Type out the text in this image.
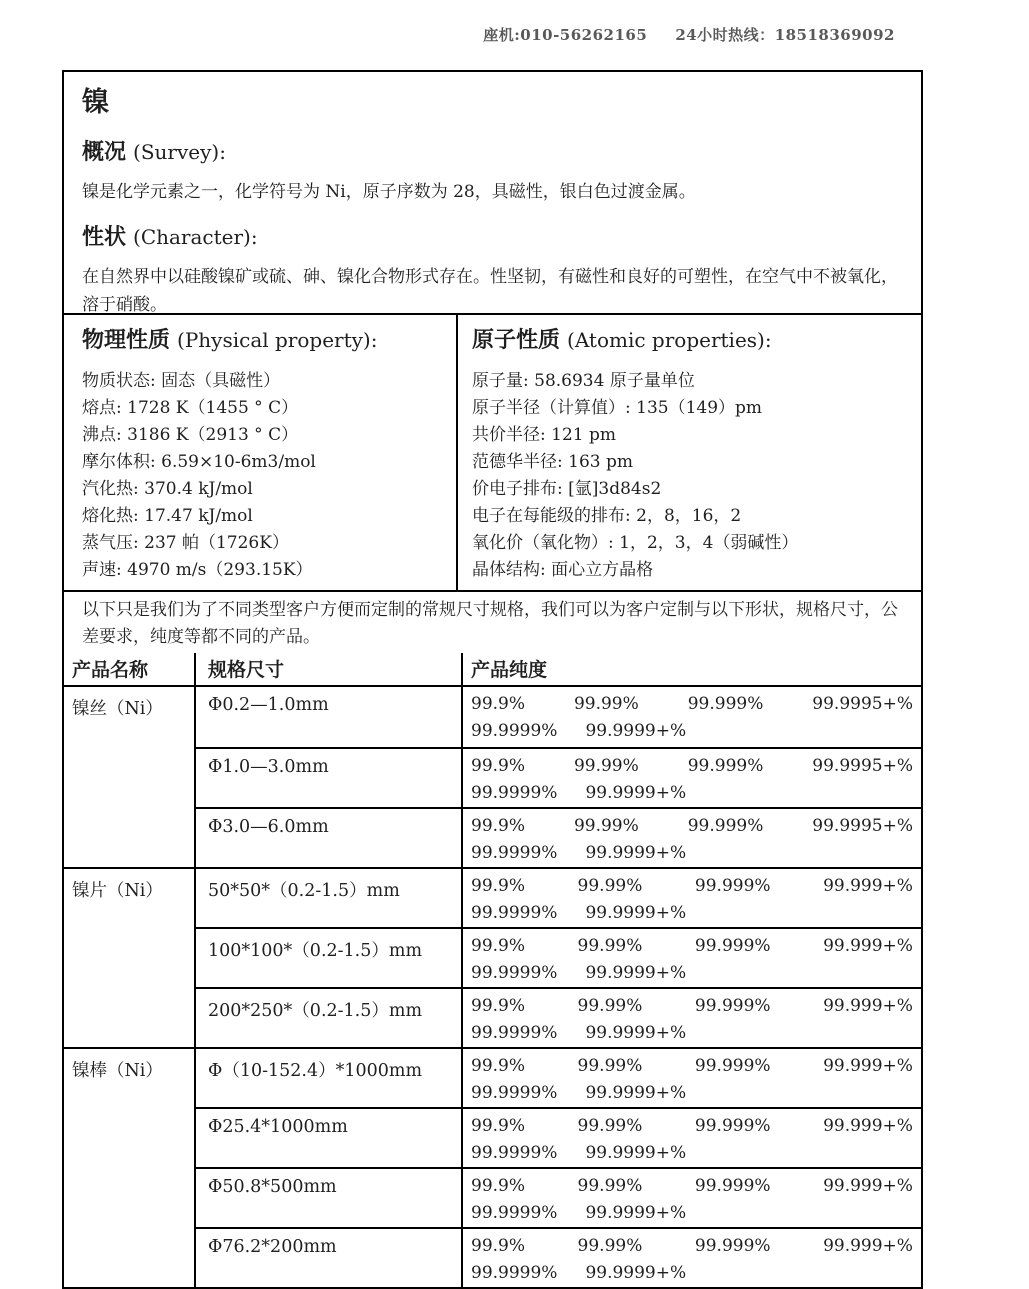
座机:010-56262165 24小时热线：18518369092
镍
概况 (Survey):

镍是化学元素之一，化学符号为 Ni，原子序数为 28，具磁性，银白色过渡金属。

性状 (Character):

在自然界中以硅酸镍矿或硫、砷、镍化合物形式存在。性坚韧，有磁性和良好的可塑性，在空气中不被氧化，溶于硝酸。

物理性质 (Physical property):
物质状态: 固态（具磁性）
熔点: 1728 K（1455 ° C）
沸点: 3186 K（2913 ° C）
摩尔体积: 6.59×10-6m3/mol
汽化热: 370.4 kJ/mol
熔化热: 17.47 kJ/mol
蒸气压: 237 帕（1726K）
声速: 4970 m/s（293.15K）
原子性质 (Atomic properties):
原子量: 58.6934 原子量单位
原子半径（计算值）: 135（149）pm
共价半径: 121 pm
范德华半径: 163 pm
价电子排布: [氩]3d84s2
电子在每能级的排布: 2，8，16，2
氧化价（氧化物）: 1，2，3，4（弱碱性）
晶体结构: 面心立方晶格
以下只是我们为了不同类型客户方便而定制的常规尺寸规格，我们可以为客户定制与以下形状，规格尺寸，公差要求，纯度等都不同的产品。
产品名称	规格尺寸	产品纯度
镍丝（Ni）	Φ0.2—1.0mm	99.9% 99.99% 99.999% 99.9995+%
99.9999% 99.9999+%

	Φ1.0—3.0mm	99.9% 99.99% 99.999% 99.9995+%
99.9999% 99.9999+%

	Φ3.0—6.0mm	99.9% 99.99% 99.999% 99.9995+%
99.9999% 99.9999+%

镍片（Ni）	50*50*（0.2-1.5）mm	99.9% 99.99% 99.999% 99.999+%
99.9999% 99.9999+%

	100*100*（0.2-1.5）mm	99.9% 99.99% 99.999% 99.999+%
99.9999% 99.9999+%

	200*250*（0.2-1.5）mm	99.9% 99.99% 99.999% 99.999+%
99.9999% 99.9999+%

镍棒（Ni）	Φ（10-152.4）*1000mm	99.9% 99.99% 99.999% 99.999+%
99.9999% 99.9999+%

	Φ25.4*1000mm	99.9% 99.99% 99.999% 99.999+%
99.9999% 99.9999+%

	Φ50.8*500mm	99.9% 99.99% 99.999% 99.999+%
99.9999% 99.9999+%

	Φ76.2*200mm	99.9% 99.99% 99.999% 99.999+%
99.9999% 99.9999+%
